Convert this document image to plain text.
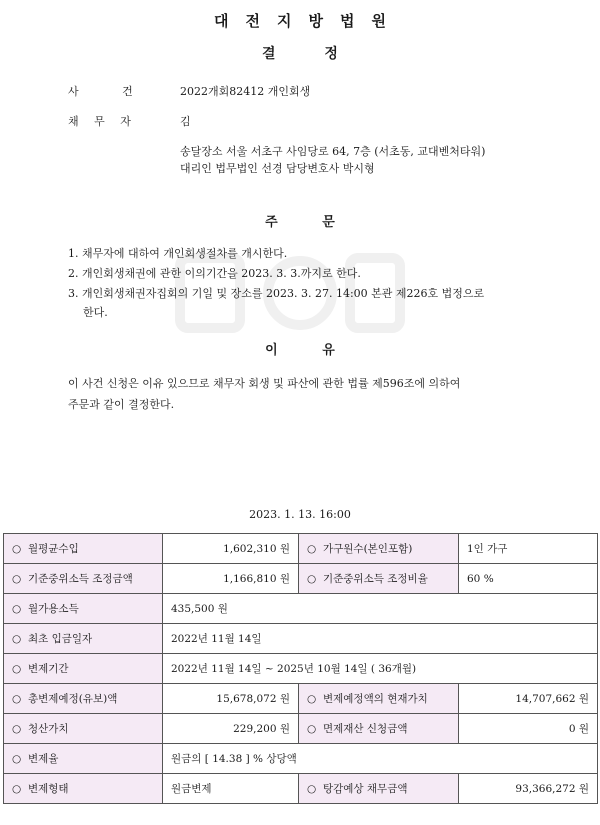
대전지방법원
결 정
사 건	2022개회82412 개인회생
채 무 자	김
송달장소 서울 서초구 사임당로 64, 7층 (서초동, 교대벤처타워)
대리인 법무법인 선경 담당변호사 박시형
주 문
1. 채무자에 대하여 개인회생절차를 개시한다.
2. 개인회생채권에 관한 이의기간을 2023. 3. 3.까지로 한다.
3. 개인회생채권자집회의 기일 및 장소를 2023. 3. 27. 14:00 본관 제226호 법정으로
한다.
이 유
이 사건 신청은 이유 있으므로 채무자 회생 및 파산에 관한 법률 제596조에 의하여
주문과 같이 결정한다.
2023. 1. 13. 16:00
○ 월평균수입	1,602,310 원	○ 가구원수(본인포함)	1인 가구
○ 기준중위소득 조정금액	1,166,810 원	○ 기준중위소득 조정비율	60 %
○ 월가용소득	435,500 원		
○ 최초 입금일자	2022년 11월 14일		
○ 변제기간	2022년 11월 14일 ~ 2025년 10월 14일 ( 36개월)		
○ 총변제예정(유보)액	15,678,072 원	○ 변제예정액의 현재가치	14,707,662 원
○ 청산가치	229,200 원	○ 면제재산 신청금액	0 원
○ 변제율	원금의 [ 14.38 ] % 상당액		
○ 변제형태	원금변제	○ 탕감예상 채무금액	93,366,272 원
